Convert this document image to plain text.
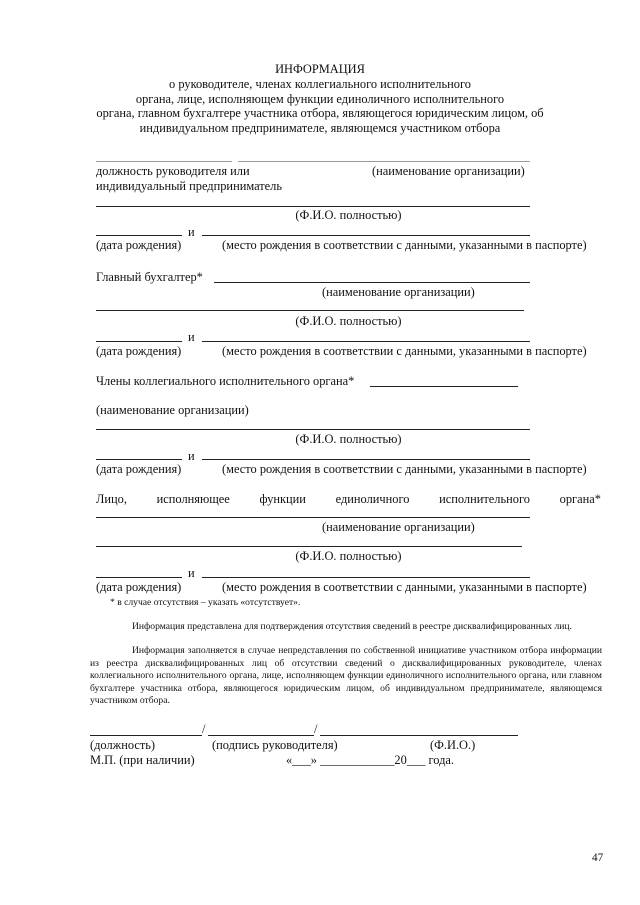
ИНФОРМАЦИЯ
о руководителе, членах коллегиального исполнительного
органа, лице, исполняющем функции единоличного исполнительного
органа, главном бухгалтере участника отбора, являющегося юридическим лицом, об
индивидуальном предпринимателе, являющемся участником отбора
должность руководителя или	(наименование организации)
индивидуальный предприниматель
(Ф.И.О. полностью)
и
(дата рождения)	(место рождения в соответствии с данными, указанными в паспорте)
Главный бухгалтер*
(наименование организации)
(Ф.И.О. полностью)
и
(дата рождения)	(место рождения в соответствии с данными, указанными в паспорте)
Члены коллегиального исполнительного органа*
(наименование организации)
(Ф.И.О. полностью)
и
(дата рождения)	(место рождения в соответствии с данными, указанными в паспорте)
Лицо, исполняющее функции единоличного исполнительного органа*
(наименование организации)
(Ф.И.О. полностью)
и
(дата рождения)	(место рождения в соответствии с данными, указанными в паспорте)
* в случае отсутствия – указать «отсутствует».
Информация представлена для подтверждения отсутствия сведений в реестре дисквалифицированных лиц.
Информация заполняется в случае непредставления по собственной инициативе участником отбора информации из реестра дисквалифицированных лиц об отсутствии сведений о дисквалифицированных руководителе, членах коллегиального исполнительного органа, лице, исполняющем функции единоличного исполнительного органа, или главном бухгалтере участника отбора, являющегося юридическим лицом, об индивидуальном предпринимателе, являющемся участником отбора.
/	/
(должность)	(подпись руководителя)	(Ф.И.О.)
М.П. (при наличии)	«___» ____________20___ года.
47
